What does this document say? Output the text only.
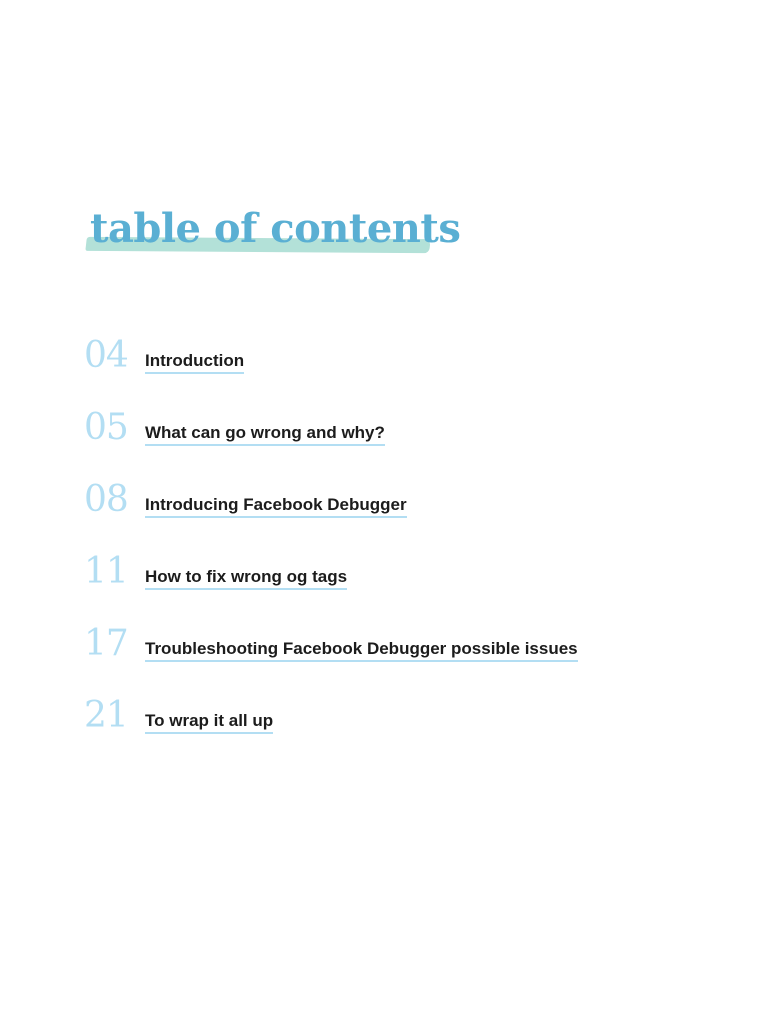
table of contents
04	Introduction
05	What can go wrong and why?
08	Introducing Facebook Debugger
11	How to fix wrong og tags
17	Troubleshooting Facebook Debugger possible issues
21	To wrap it all up
